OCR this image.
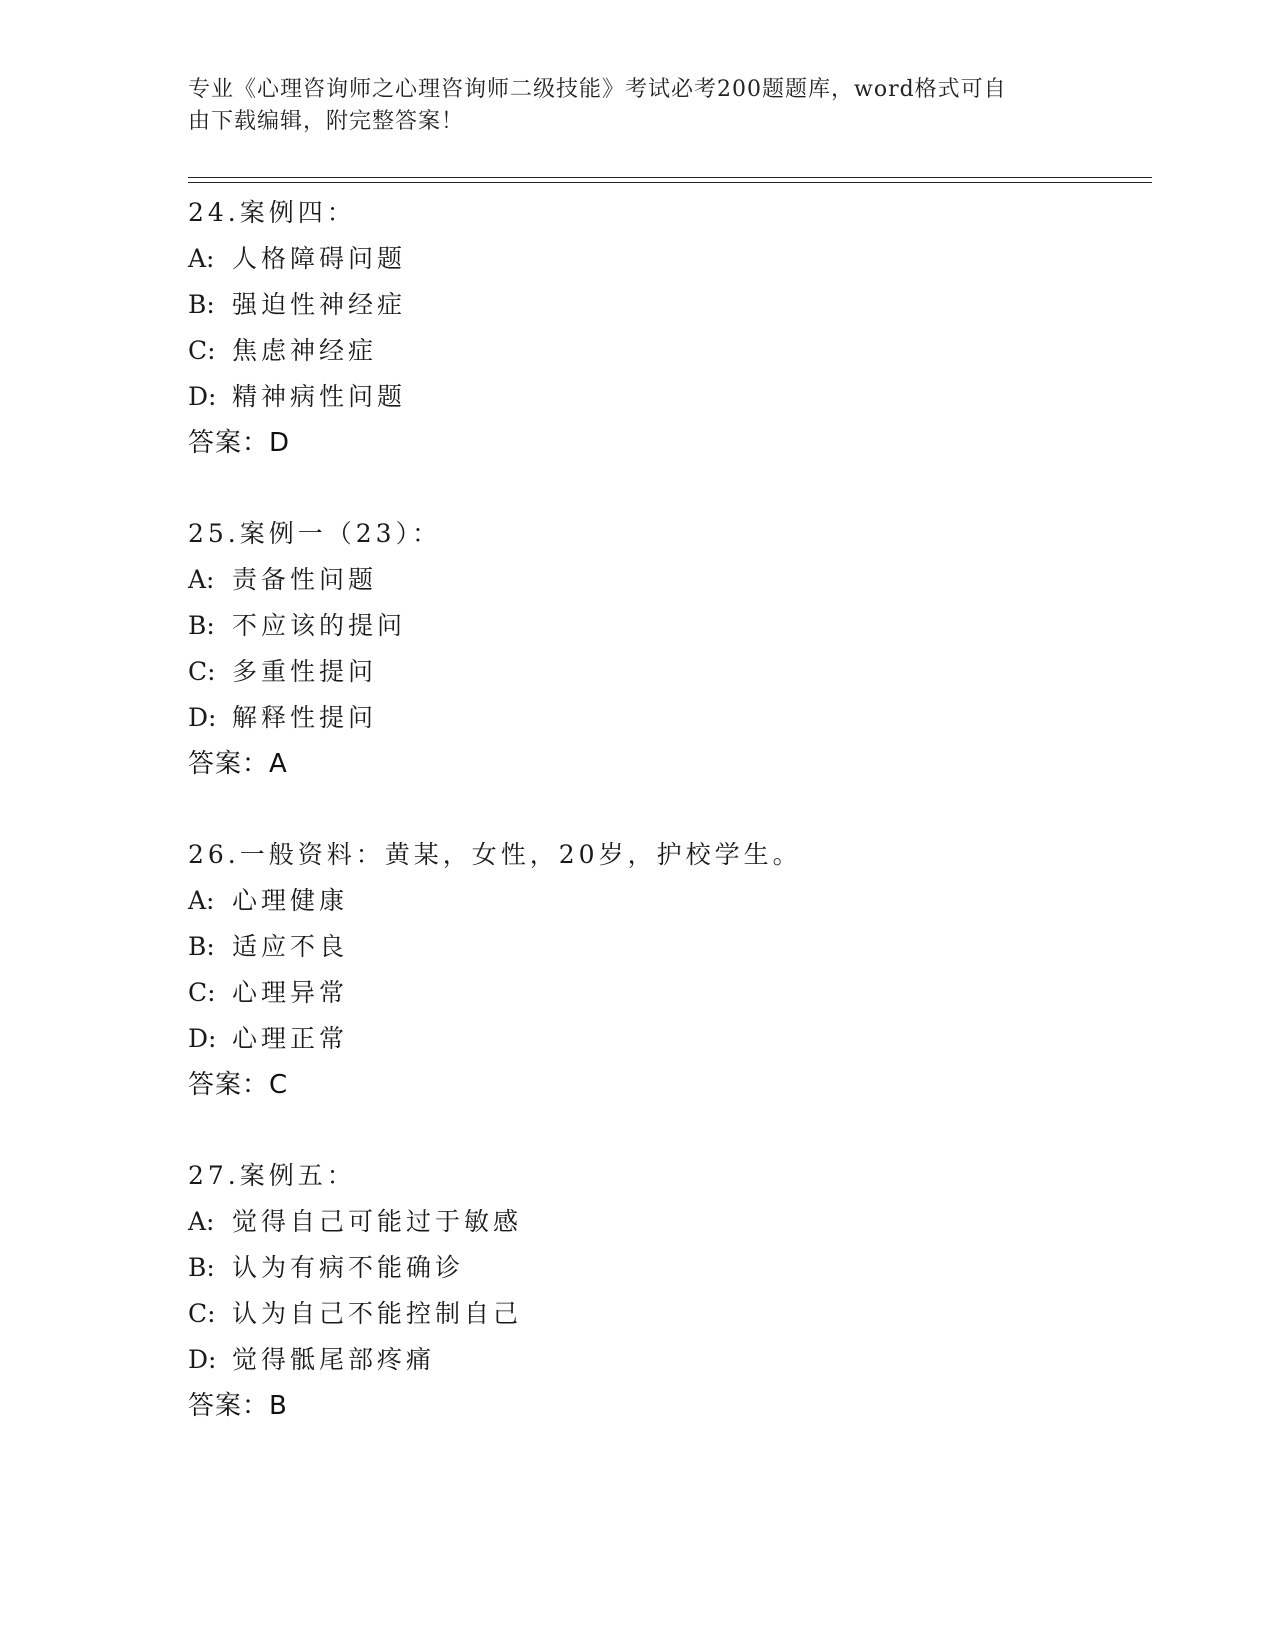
专业《心理咨询师之心理咨询师二级技能》考试必考200题题库，word格式可自
由下载编辑，附完整答案！
24.案例四：
A: 人格障碍问题
B: 强迫性神经症
C: 焦虑神经症
D: 精神病性问题
答案：D
25.案例一（23）：
A: 责备性问题
B: 不应该的提问
C: 多重性提问
D: 解释性提问
答案：A
26.一般资料：黄某，女性，20岁，护校学生。
A: 心理健康
B: 适应不良
C: 心理异常
D: 心理正常
答案：C
27.案例五：
A: 觉得自己可能过于敏感
B: 认为有病不能确诊
C: 认为自己不能控制自己
D: 觉得骶尾部疼痛
答案：B
